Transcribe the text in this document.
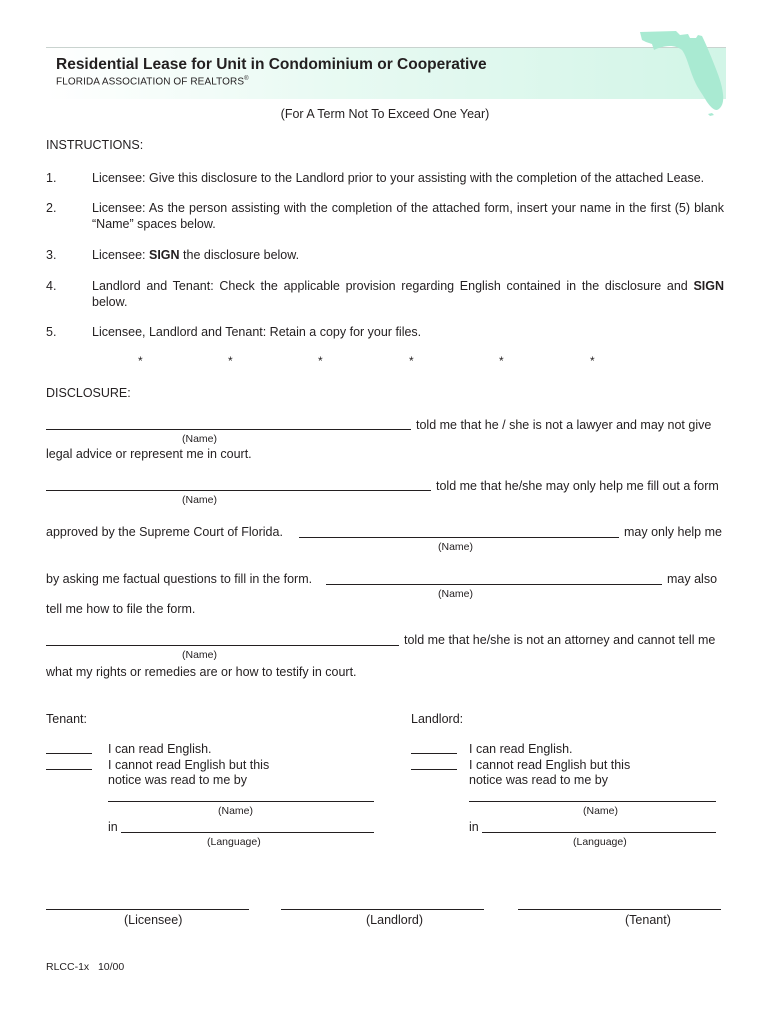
Residential Lease for Unit in Condominium or Cooperative
FLORIDA ASSOCIATION OF REALTORS®
(For A Term Not To Exceed One Year)
INSTRUCTIONS:
1.	Licensee: Give this disclosure to the Landlord prior to your assisting with the completion of the attached Lease.
2.	Licensee: As the person assisting with the completion of the attached form, insert your name in the first (5) blank “Name” spaces below.
3.	Licensee: SIGN the disclosure below.
4.	Landlord and Tenant: Check the applicable provision regarding English contained in the disclosure and SIGN below.
5.	Licensee, Landlord and Tenant: Retain a copy for your files.
*	*	*	*	*	*
DISCLOSURE:
told me that he / she is not a lawyer and may not give
(Name)
legal advice or represent me in court.
told me that he/she may only help me fill out a form
(Name)
approved by the Supreme Court of Florida.	may only help me
(Name)
by asking me factual questions to fill in the form.	may also
(Name)
tell me how to file the form.
told me that he/she is not an attorney and cannot tell me
(Name)
what my rights or remedies are or how to testify in court.
Tenant:
I can read English.
I cannot read English but this
notice was read to me by
(Name)
in
(Language)
Landlord:
I can read English.
I cannot read English but this
notice was read to me by
(Name)
in
(Language)
(Licensee)	(Landlord)	(Tenant)
RLCC-1x 10/00
